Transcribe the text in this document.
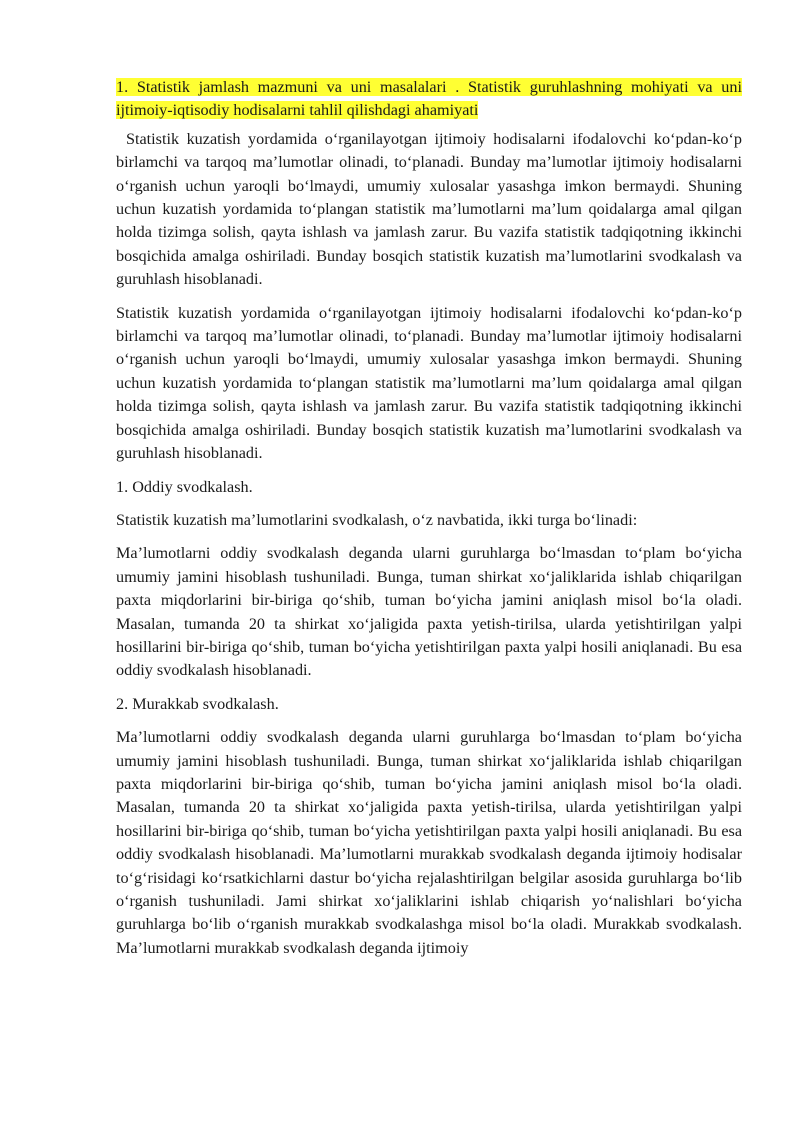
1. Statistik jamlash mazmuni va uni masalalari . Statistik guruhlashning mohiyati va uni ijtimoiy-iqtisodiy hodisalarni tahlil qilishdagi ahamiyati

Statistik kuzatish yordamida o‘rganilayotgan ijtimoiy hodisalarni ifodalovchi ko‘pdan-ko‘p birlamchi va tarqoq ma’lumotlar olinadi, to‘planadi. Bunday ma’lumotlar ijtimoiy hodisalarni o‘rganish uchun yaroqli bo‘lmaydi, umumiy xulosalar yasashga imkon bermaydi. Shuning uchun kuzatish yordamida to‘plangan statistik ma’lumotlarni ma’lum qoidalarga amal qilgan holda tizimga solish, qayta ishlash va jamlash zarur. Bu vazifa statistik tadqiqotning ikkinchi bosqichida amalga oshiriladi. Bunday bosqich statistik kuzatish ma’lumotlarini svodkalash va guruhlash hisoblanadi.

Statistik kuzatish yordamida o‘rganilayotgan ijtimoiy hodisalarni ifodalovchi ko‘pdan-ko‘p birlamchi va tarqoq ma’lumotlar olinadi, to‘planadi. Bunday ma’lumotlar ijtimoiy hodisalarni o‘rganish uchun yaroqli bo‘lmaydi, umumiy xulosalar yasashga imkon bermaydi. Shuning uchun kuzatish yordamida to‘plangan statistik ma’lumotlarni ma’lum qoidalarga amal qilgan holda tizimga solish, qayta ishlash va jamlash zarur. Bu vazifa statistik tadqiqotning ikkinchi bosqichida amalga oshiriladi. Bunday bosqich statistik kuzatish ma’lumotlarini svodkalash va guruhlash hisoblanadi.

1. Oddiy svodkalash.

Statistik kuzatish ma’lumotlarini svodkalash, o‘z navbatida, ikki turga bo‘linadi:

Ma’lumotlarni oddiy svodkalash deganda ularni guruhlarga bo‘lmasdan to‘plam bo‘yicha umumiy jamini hisoblash tushuniladi. Bunga, tuman shirkat xo‘jaliklarida ishlab chiqarilgan paxta miqdorlarini bir-biriga qo‘shib, tuman bo‘yicha jamini aniqlash misol bo‘la oladi. Masalan, tumanda 20 ta shirkat xo‘jaligida paxta yetish-tirilsa, ularda yetishtirilgan yalpi hosillarini bir-biriga qo‘shib, tuman bo‘yicha yetishtirilgan paxta yalpi hosili aniqlanadi. Bu esa oddiy svodkalash hisoblanadi.

2. Murakkab svodkalash.

Ma’lumotlarni oddiy svodkalash deganda ularni guruhlarga bo‘lmasdan to‘plam bo‘yicha umumiy jamini hisoblash tushuniladi. Bunga, tuman shirkat xo‘jaliklarida ishlab chiqarilgan paxta miqdorlarini bir-biriga qo‘shib, tuman bo‘yicha jamini aniqlash misol bo‘la oladi. Masalan, tumanda 20 ta shirkat xo‘jaligida paxta yetish-tirilsa, ularda yetishtirilgan yalpi hosillarini bir-biriga qo‘shib, tuman bo‘yicha yetishtirilgan paxta yalpi hosili aniqlanadi. Bu esa oddiy svodkalash hisoblanadi. Ma’lumotlarni murakkab svodkalash deganda ijtimoiy hodisalar to‘g‘risidagi ko‘rsatkichlarni dastur bo‘yicha rejalashtirilgan belgilar asosida guruhlarga bo‘lib o‘rganish tushuniladi. Jami shirkat xo‘jaliklarini ishlab chiqarish yo‘nalishlari bo‘yicha guruhlarga bo‘lib o‘rganish murakkab svodkalashga misol bo‘la oladi. Murakkab svodkalash. Ma’lumotlarni murakkab svodkalash deganda ijtimoiy
